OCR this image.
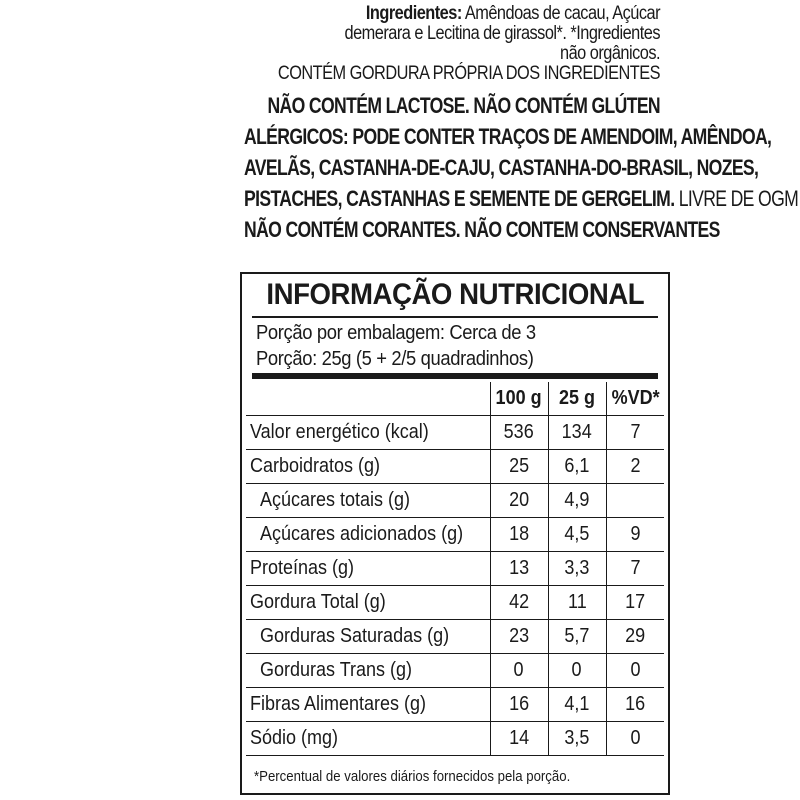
Ingredientes: Amêndoas de cacau, Açúcar
demerara e Lecitina de girassol*. *Ingredientes
não orgânicos.
CONTÉM GORDURA PRÓPRIA DOS INGREDIENTES
NÃO CONTÉM LACTOSE. NÃO CONTÉM GLÚTEN
ALÉRGICOS: PODE CONTER TRAÇOS DE AMENDOIM, AMÊNDOA,
AVELÃS, CASTANHA-DE-CAJU, CASTANHA-DO-BRASIL, NOZES,
PISTACHES, CASTANHAS E SEMENTE DE GERGELIM. LIVRE DE OGM
NÃO CONTÉM CORANTES. NÃO CONTEM CONSERVANTES
INFORMAÇÃO NUTRICIONAL
Porção por embalagem: Cerca de 3
Porção: 25g (5 + 2/5 quadradinhos)
	100 g	25 g	%VD*
Valor energético (kcal)	536	134	7
Carboidratos (g)	25	6,1	2
Açúcares totais (g)	20	4,9	
Açúcares adicionados (g)	18	4,5	9
Proteínas (g)	13	3,3	7
Gordura Total (g)	42	11	17
Gorduras Saturadas (g)	23	5,7	29
Gorduras Trans (g)	0	0	0
Fibras Alimentares (g)	16	4,1	16
Sódio (mg)	14	3,5	0
*Percentual de valores diários fornecidos pela porção.
